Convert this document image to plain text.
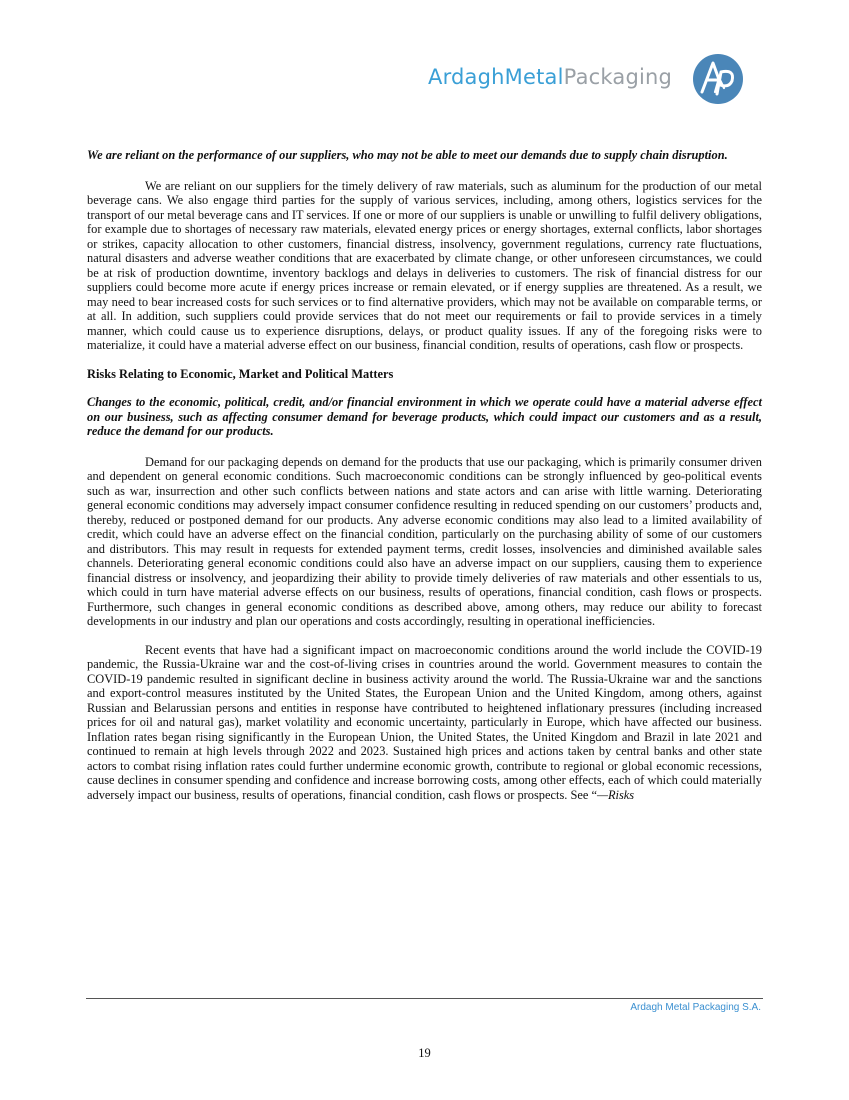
ArdaghMetalPackaging

We are reliant on the performance of our suppliers, who may not be able to meet our demands due to supply chain disruption.

We are reliant on our suppliers for the timely delivery of raw materials, such as aluminum for the production of our metal beverage cans. We also engage third parties for the supply of various services, including, among others, logistics services for the transport of our metal beverage cans and IT services. If one or more of our suppliers is unable or unwilling to fulfil delivery obligations, for example due to shortages of necessary raw materials, elevated energy prices or energy shortages, external conflicts, labor shortages or strikes, capacity allocation to other customers, financial distress, insolvency, government regulations, currency rate fluctuations, natural disasters and adverse weather conditions that are exacerbated by climate change, or other unforeseen circumstances, we could be at risk of production downtime, inventory backlogs and delays in deliveries to customers. The risk of financial distress for our suppliers could become more acute if energy prices increase or remain elevated, or if energy supplies are threatened. As a result, we may need to bear increased costs for such services or to find alternative providers, which may not be available on comparable terms, or at all. In addition, such suppliers could provide services that do not meet our requirements or fail to provide services in a timely manner, which could cause us to experience disruptions, delays, or product quality issues. If any of the foregoing risks were to materialize, it could have a material adverse effect on our business, financial condition, results of operations, cash flow or prospects.

Risks Relating to Economic, Market and Political Matters

Changes to the economic, political, credit, and/or financial environment in which we operate could have a material adverse effect on our business, such as affecting consumer demand for beverage products, which could impact our customers and as a result, reduce the demand for our products.

Demand for our packaging depends on demand for the products that use our packaging, which is primarily consumer driven and dependent on general economic conditions. Such macroeconomic conditions can be strongly influenced by geo-political events such as war, insurrection and other such conflicts between nations and state actors and can arise with little warning. Deteriorating general economic conditions may adversely impact consumer confidence resulting in reduced spending on our customers’ products and, thereby, reduced or postponed demand for our products. Any adverse economic conditions may also lead to a limited availability of credit, which could have an adverse effect on the financial condition, particularly on the purchasing ability of some of our customers and distributors. This may result in requests for extended payment terms, credit losses, insolvencies and diminished available sales channels. Deteriorating general economic conditions could also have an adverse impact on our suppliers, causing them to experience financial distress or insolvency, and jeopardizing their ability to provide timely deliveries of raw materials and other essentials to us, which could in turn have material adverse effects on our business, results of operations, financial condition, cash flows or prospects. Furthermore, such changes in general economic conditions as described above, among others, may reduce our ability to forecast developments in our industry and plan our operations and costs accordingly, resulting in operational inefficiencies.

Recent events that have had a significant impact on macroeconomic conditions around the world include the COVID-19 pandemic, the Russia-Ukraine war and the cost-of-living crises in countries around the world. Government measures to contain the COVID-19 pandemic resulted in significant decline in business activity around the world. The Russia-Ukraine war and the sanctions and export-control measures instituted by the United States, the European Union and the United Kingdom, among others, against Russian and Belarussian persons and entities in response have contributed to heightened inflationary pressures (including increased prices for oil and natural gas), market volatility and economic uncertainty, particularly in Europe, which have affected our business. Inflation rates began rising significantly in the European Union, the United States, the United Kingdom and Brazil in late 2021 and continued to remain at high levels through 2022 and 2023. Sustained high prices and actions taken by central banks and other state actors to combat rising inflation rates could further undermine economic growth, contribute to regional or global economic recessions, cause declines in consumer spending and confidence and increase borrowing costs, among other effects, each of which could materially adversely impact our business, results of operations, financial condition, cash flows or prospects. See “—Risks

Ardagh Metal Packaging S.A.
19
